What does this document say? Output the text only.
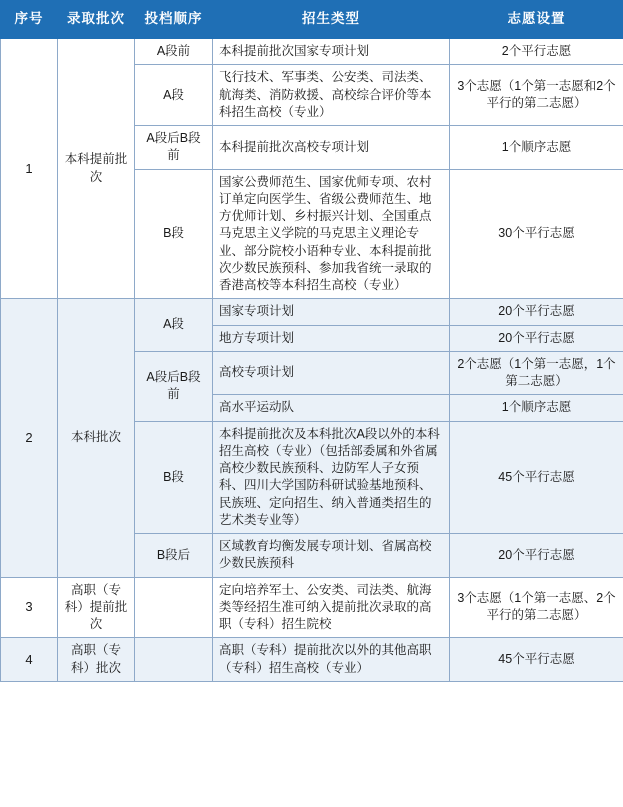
序号	录取批次	投档顺序	招生类型	志愿设置
1	本科提前批次	A段前	本科提前批次国家专项计划	2个平行志愿
		A段	飞行技术、军事类、公安类、司法类、航海类、消防救援、高校综合评价等本科招生高校（专业）	3个志愿（1个第一志愿和2个平行的第二志愿）
		A段后B段前	本科提前批次高校专项计划	1个顺序志愿
		B段	国家公费师范生、国家优师专项、农村订单定向医学生、省级公费师范生、地方优师计划、乡村振兴计划、全国重点马克思主义学院的马克思主义理论专业、部分院校小语种专业、本科提前批次少数民族预科、参加我省统一录取的香港高校等本科招生高校（专业）	30个平行志愿
2	本科批次	A段	国家专项计划	20个平行志愿
			地方专项计划	20个平行志愿
		A段后B段前	高校专项计划	2个志愿（1个第一志愿，1个第二志愿）
			高水平运动队	1个顺序志愿
		B段	本科提前批次及本科批次A段以外的本科招生高校（专业）（包括部委属和外省属高校少数民族预科、边防军人子女预科、四川大学国防科研试验基地预科、民族班、定向招生、纳入普通类招生的艺术类专业等）	45个平行志愿
		B段后	区域教育均衡发展专项计划、省属高校少数民族预科	20个平行志愿
3	高职（专科）提前批次		定向培养军士、公安类、司法类、航海类等经招生准可纳入提前批次录取的高职（专科）招生院校	3个志愿（1个第一志愿、2个平行的第二志愿）
4	高职（专科）批次		高职（专科）提前批次以外的其他高职（专科）招生高校（专业）	45个平行志愿
